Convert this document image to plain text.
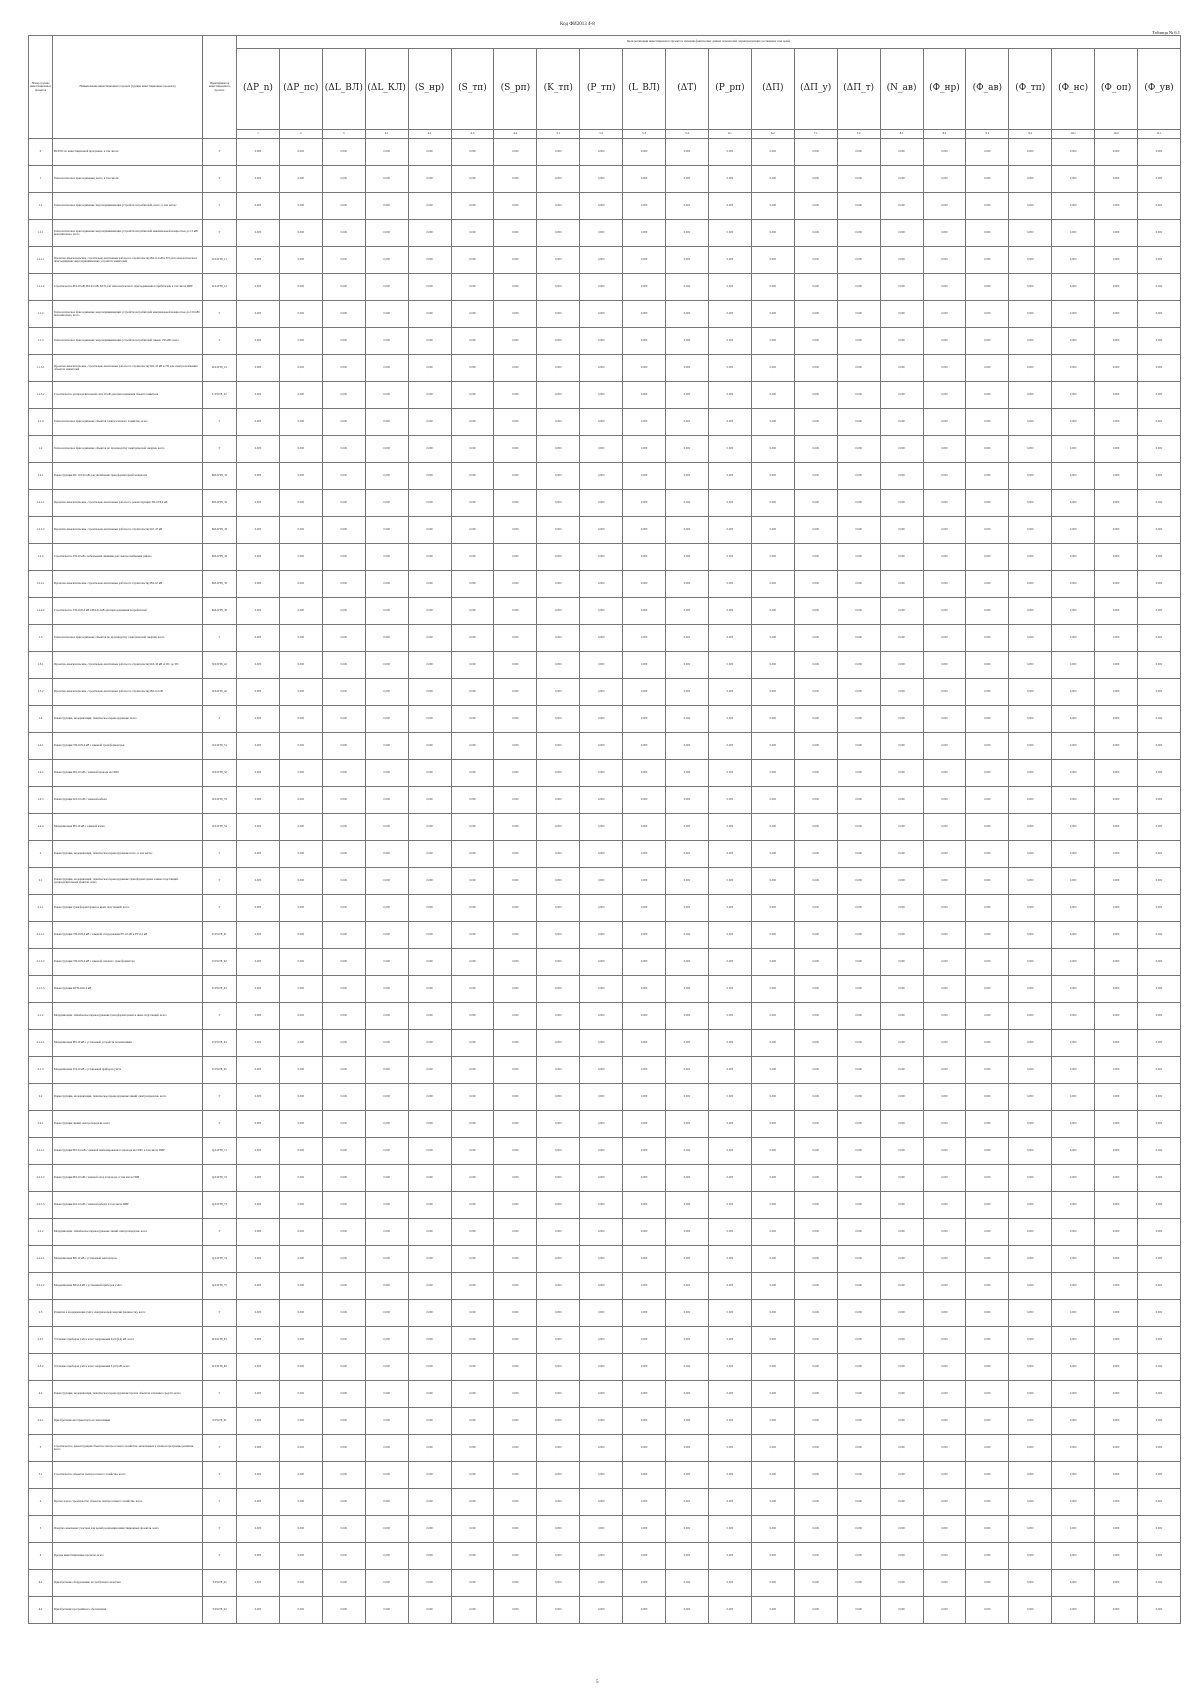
Код ФИ2013 4-8
Таблица № 6.1
Номер группы инвестиционных проектов	Наименование инвестиционного проекта (группы инвестиционных проектов)	Идентификатор инвестиционного проекта	Цели реализации инвестиционного проекта и значения фактических данных показателей, характеризующих достижение этих целей																					
			(ΔP_n)	(ΔP_пс)	(ΔL_ВЛ)	(ΔL_КЛ)	(S_нр)	(S_тп)	(S_рп)	(K_тп)	(P_тп)	(L_ВЛ)	(ΔT)	(P_рп)	(ΔП)	(ΔП_у)	(ΔП_т)	(N_ав)	(Ф_нр)	(Ф_ав)	(Ф_тп)	(Ф_нс)	(Ф_оп)	(Ф_ув)
			1	2	3	4.1	4.2	4.3	4.4	5.1	5.2	5.3	5.4	6.1	6.2	7.1	7.2	8.1	8.2	9.1	9.2	10.1	10.2	11.1
0	ВСЕГО по инвестиционной программе, в том числе:	Г	0,000	0,000	0,000	0,000	0,000	0,000	0,000	0,000	0,000	0,000	0,000	0,000	0,000	0,000	0,000	0,000	0,000	0,000	0,000	0,000	0,000	0,000
1	Технологическое присоединение, всего, в том числе:	Г	0,000	0,000	0,000	0,000	0,000	0,000	0,000	0,000	0,000	0,000	0,000	0,000	0,000	0,000	0,000	0,000	0,000	0,000	0,000	0,000	0,000	0,000
1.1	Технологическое присоединение энергопринимающих устройств потребителей, всего, в том числе:	Г	0,000	0,000	0,000	0,000	0,000	0,000	0,000	0,000	0,000	0,000	0,000	0,000	0,000	0,000	0,000	0,000	0,000	0,000	0,000	0,000	0,000	0,000
1.1.1	Технологическое присоединение энергопринимающих устройств потребителей максимальной мощностью до 15 кВт включительно, всего	Г	0,000	0,000	0,000	0,000	0,000	0,000	0,000	0,000	0,000	0,000	0,000	0,000	0,000	0,000	0,000	0,000	0,000	0,000	0,000	0,000	0,000	0,000
1.1.1.1	Проектно-изыскательские, строительно-монтажные работы по строительству ВЛ-0,4 кВ и ТП для технологического присоединения энергопринимающих устройств заявителей	K/LWT8_11	0,000	0,000	0,000	0,000	0,000	0,000	0,000	0,000	0,000	0,000	0,000	0,000	0,000	0,000	0,000	0,000	0,000	0,000	0,000	0,000	0,000	0,000
1.1.1.2	Строительство ВЛ-10 кВ, ВЛ-0,4 кВ, КТП для технологического присоединения потребителей, в том числе ПИР	K/LWT8_12	0,000	0,000	0,000	0,000	0,000	0,000	0,000	0,000	0,000	0,000	0,000	0,000	0,000	0,000	0,000	0,000	0,000	0,000	0,000	0,000	0,000	0,000
1.1.2	Технологическое присоединение энергопринимающих устройств потребителей максимальной мощностью до 150 кВт включительно, всего	Г	0,000	0,000	0,000	0,000	0,000	0,000	0,000	0,000	0,000	0,000	0,000	0,000	0,000	0,000	0,000	0,000	0,000	0,000	0,000	0,000	0,000	0,000
1.1.3	Технологическое присоединение энергопринимающих устройств потребителей свыше 150 кВт, всего	Г	0,000	0,000	0,000	0,000	0,000	0,000	0,000	0,000	0,000	0,000	0,000	0,000	0,000	0,000	0,000	0,000	0,000	0,000	0,000	0,000	0,000	0,000
1.1.3.1	Проектно-изыскательские, строительно-монтажные работы по строительству КЛ-10 кВ и ТП для электроснабжения объектов заявителей	K/LWT8_21	0,000	0,000	0,000	0,000	0,000	0,000	0,000	0,000	0,000	0,000	0,000	0,000	0,000	0,000	0,000	0,000	0,000	0,000	0,000	0,000	0,000	0,000
1.1.3.2	Строительство распределительной сети 10 кВ для присоединения объекта заявителя	L/LWT8_22	0,000	0,000	0,000	0,000	0,000	0,000	0,000	0,000	0,000	0,000	0,000	0,000	0,000	0,000	0,000	0,000	0,000	0,000	0,000	0,000	0,000	0,000
1.1.4	Технологическое присоединение объектов электросетевого хозяйства, всего	Г	0,000	0,000	0,000	0,000	0,000	0,000	0,000	0,000	0,000	0,000	0,000	0,000	0,000	0,000	0,000	0,000	0,000	0,000	0,000	0,000	0,000	0,000
1.2	Технологическое присоединение объектов по производству электрической энергии, всего	Г	0,000	0,000	0,000	0,000	0,000	0,000	0,000	0,000	0,000	0,000	0,000	0,000	0,000	0,000	0,000	0,000	0,000	0,000	0,000	0,000	0,000	0,000
1.2.1	Реконструкция ПС 110/10 кВ для увеличения трансформаторной мощности	M/LWT8_31	0,000	0,000	0,000	0,000	0,000	0,000	0,000	0,000	0,000	0,000	0,000	0,000	0,000	0,000	0,000	0,000	0,000	0,000	0,000	0,000	0,000	0,000
1.2.1.1	Проектно-изыскательские, строительно-монтажные работы по реконструкции ТП-10/0,4 кВ	M/LWT8_32	0,000	0,000	0,000	0,000	0,000	0,000	0,000	0,000	0,000	0,000	0,000	0,000	0,000	0,000	0,000	0,000	0,000	0,000	0,000	0,000	0,000	0,000
1.2.1.2	Проектно-изыскательские, строительно-монтажные работы по строительству КЛ-10 кВ	M/LWT8_33	0,000	0,000	0,000	0,000	0,000	0,000	0,000	0,000	0,000	0,000	0,000	0,000	0,000	0,000	0,000	0,000	0,000	0,000	0,000	0,000	0,000	0,000
1.2.2	Строительство РП-10 кВ с кабельными линиями для электроснабжения района	M/LWT8_34	0,000	0,000	0,000	0,000	0,000	0,000	0,000	0,000	0,000	0,000	0,000	0,000	0,000	0,000	0,000	0,000	0,000	0,000	0,000	0,000	0,000	0,000
1.2.2.1	Проектно-изыскательские, строительно-монтажные работы по строительству ВЛ-10 кВ	M/LWT8_35	0,000	0,000	0,000	0,000	0,000	0,000	0,000	0,000	0,000	0,000	0,000	0,000	0,000	0,000	0,000	0,000	0,000	0,000	0,000	0,000	0,000	0,000
1.2.2.2	Строительство ТП-10/0,4 кВ и ВЛ-0,4 кВ для присоединения потребителей	M/LWT8_36	0,000	0,000	0,000	0,000	0,000	0,000	0,000	0,000	0,000	0,000	0,000	0,000	0,000	0,000	0,000	0,000	0,000	0,000	0,000	0,000	0,000	0,000
1.3	Технологическое присоединение объектов по производству электрической энергии, всего	Г	0,000	0,000	0,000	0,000	0,000	0,000	0,000	0,000	0,000	0,000	0,000	0,000	0,000	0,000	0,000	0,000	0,000	0,000	0,000	0,000	0,000	0,000
1.3.1	Проектно-изыскательские, строительно-монтажные работы по строительству КЛ-10 кВ от ПС до ТП	N/LWT8_41	0,000	0,000	0,000	0,000	0,000	0,000	0,000	0,000	0,000	0,000	0,000	0,000	0,000	0,000	0,000	0,000	0,000	0,000	0,000	0,000	0,000	0,000
1.3.2	Проектно-изыскательские, строительно-монтажные работы по строительству ВЛ-0,4 кВ	N/LWT8_42	0,000	0,000	0,000	0,000	0,000	0,000	0,000	0,000	0,000	0,000	0,000	0,000	0,000	0,000	0,000	0,000	0,000	0,000	0,000	0,000	0,000	0,000
1.4	Реконструкция, модернизация, техническое перевооружение, всего	Г	0,000	0,000	0,000	0,000	0,000	0,000	0,000	0,000	0,000	0,000	0,000	0,000	0,000	0,000	0,000	0,000	0,000	0,000	0,000	0,000	0,000	0,000
1.4.1	Реконструкция ТП-10/0,4 кВ с заменой трансформаторов	O/LWT8_51	0,000	0,000	0,000	0,000	0,000	0,000	0,000	0,000	0,000	0,000	0,000	0,000	0,000	0,000	0,000	0,000	0,000	0,000	0,000	0,000	0,000	0,000
1.4.2	Реконструкция ВЛ-10 кВ с заменой провода на СИП	O/LWT8_52	0,000	0,000	0,000	0,000	0,000	0,000	0,000	0,000	0,000	0,000	0,000	0,000	0,000	0,000	0,000	0,000	0,000	0,000	0,000	0,000	0,000	0,000
1.4.3	Реконструкция КЛ-10 кВ с заменой кабеля	O/LWT8_53	0,000	0,000	0,000	0,000	0,000	0,000	0,000	0,000	0,000	0,000	0,000	0,000	0,000	0,000	0,000	0,000	0,000	0,000	0,000	0,000	0,000	0,000
1.4.4	Модернизация РП-10 кВ с заменой ячеек	O/LWT8_54	0,000	0,000	0,000	0,000	0,000	0,000	0,000	0,000	0,000	0,000	0,000	0,000	0,000	0,000	0,000	0,000	0,000	0,000	0,000	0,000	0,000	0,000
2	Реконструкция, модернизация, техническое перевооружение всего, в том числе:	Г	0,000	0,000	0,000	0,000	0,000	0,000	0,000	0,000	0,000	0,000	0,000	0,000	0,000	0,000	0,000	0,000	0,000	0,000	0,000	0,000	0,000	0,000
2.1	Реконструкция, модернизация, техническое перевооружение трансформаторных и иных подстанций, распределительных пунктов, всего	Г	0,000	0,000	0,000	0,000	0,000	0,000	0,000	0,000	0,000	0,000	0,000	0,000	0,000	0,000	0,000	0,000	0,000	0,000	0,000	0,000	0,000	0,000
2.1.1	Реконструкция трансформаторных и иных подстанций, всего	Г	0,000	0,000	0,000	0,000	0,000	0,000	0,000	0,000	0,000	0,000	0,000	0,000	0,000	0,000	0,000	0,000	0,000	0,000	0,000	0,000	0,000	0,000
2.1.1.1	Реконструкция ТП-10/0,4 кВ с заменой оборудования РУ-10 кВ и РУ-0,4 кВ	P/LWT8_61	0,000	0,000	0,000	0,000	0,000	0,000	0,000	0,000	0,000	0,000	0,000	0,000	0,000	0,000	0,000	0,000	0,000	0,000	0,000	0,000	0,000	0,000
2.1.1.2	Реконструкция ТП-10/0,4 кВ с заменой силового трансформатора	P/LWT8_62	0,000	0,000	0,000	0,000	0,000	0,000	0,000	0,000	0,000	0,000	0,000	0,000	0,000	0,000	0,000	0,000	0,000	0,000	0,000	0,000	0,000	0,000
2.1.1.3	Реконструкция КТП-10/0,4 кВ	P/LWT8_63	0,000	0,000	0,000	0,000	0,000	0,000	0,000	0,000	0,000	0,000	0,000	0,000	0,000	0,000	0,000	0,000	0,000	0,000	0,000	0,000	0,000	0,000
2.1.2	Модернизация, техническое перевооружение трансформаторных и иных подстанций, всего	Г	0,000	0,000	0,000	0,000	0,000	0,000	0,000	0,000	0,000	0,000	0,000	0,000	0,000	0,000	0,000	0,000	0,000	0,000	0,000	0,000	0,000	0,000
2.1.2.1	Модернизация РП-10 кВ с установкой устройств телемеханики	P/LWT8_64	0,000	0,000	0,000	0,000	0,000	0,000	0,000	0,000	0,000	0,000	0,000	0,000	0,000	0,000	0,000	0,000	0,000	0,000	0,000	0,000	0,000	0,000
2.1.3	Модернизация ТП-10 кВ с установкой приборов учёта	P/LWT8_65	0,000	0,000	0,000	0,000	0,000	0,000	0,000	0,000	0,000	0,000	0,000	0,000	0,000	0,000	0,000	0,000	0,000	0,000	0,000	0,000	0,000	0,000
2.2	Реконструкция, модернизация, техническое перевооружение линий электропередачи, всего	Г	0,000	0,000	0,000	0,000	0,000	0,000	0,000	0,000	0,000	0,000	0,000	0,000	0,000	0,000	0,000	0,000	0,000	0,000	0,000	0,000	0,000	0,000
2.2.1	Реконструкция линий электропередачи, всего	Г	0,000	0,000	0,000	0,000	0,000	0,000	0,000	0,000	0,000	0,000	0,000	0,000	0,000	0,000	0,000	0,000	0,000	0,000	0,000	0,000	0,000	0,000
2.2.1.1	Реконструкция ВЛ-0,4 кВ с заменой неизолированного провода на СИП, в том числе ПИР	Q/LWT8_71	0,000	0,000	0,000	0,000	0,000	0,000	0,000	0,000	0,000	0,000	0,000	0,000	0,000	0,000	0,000	0,000	0,000	0,000	0,000	0,000	0,000	0,000
2.2.1.2	Реконструкция ВЛ-10 кВ с заменой опор и провода, в том числе ПИР	Q/LWT8_72	0,000	0,000	0,000	0,000	0,000	0,000	0,000	0,000	0,000	0,000	0,000	0,000	0,000	0,000	0,000	0,000	0,000	0,000	0,000	0,000	0,000	0,000
2.2.1.3	Реконструкция КЛ-10 кВ с заменой кабеля, в том числе ПИР	Q/LWT8_73	0,000	0,000	0,000	0,000	0,000	0,000	0,000	0,000	0,000	0,000	0,000	0,000	0,000	0,000	0,000	0,000	0,000	0,000	0,000	0,000	0,000	0,000
2.2.2	Модернизация, техническое перевооружение линий электропередачи, всего	Г	0,000	0,000	0,000	0,000	0,000	0,000	0,000	0,000	0,000	0,000	0,000	0,000	0,000	0,000	0,000	0,000	0,000	0,000	0,000	0,000	0,000	0,000
2.2.2.1	Модернизация ВЛ-10 кВ с установкой реклоузеров	Q/LWT8_74	0,000	0,000	0,000	0,000	0,000	0,000	0,000	0,000	0,000	0,000	0,000	0,000	0,000	0,000	0,000	0,000	0,000	0,000	0,000	0,000	0,000	0,000
2.2.2.2	Модернизация ВЛ-0,4 кВ с установкой приборов учёта	Q/LWT8_75	0,000	0,000	0,000	0,000	0,000	0,000	0,000	0,000	0,000	0,000	0,000	0,000	0,000	0,000	0,000	0,000	0,000	0,000	0,000	0,000	0,000	0,000
2.3	Развитие и модернизация учёта электрической энергии (мощности), всего	Г	0,000	0,000	0,000	0,000	0,000	0,000	0,000	0,000	0,000	0,000	0,000	0,000	0,000	0,000	0,000	0,000	0,000	0,000	0,000	0,000	0,000	0,000
2.3.1	Установка приборов учёта, класс напряжения 0,22 (0,4) кВ, всего	R/LWT8_81	0,000	0,000	0,000	0,000	0,000	0,000	0,000	0,000	0,000	0,000	0,000	0,000	0,000	0,000	0,000	0,000	0,000	0,000	0,000	0,000	0,000	0,000
2.3.2	Установка приборов учёта, класс напряжения 6 (10) кВ, всего	R/LWT8_82	0,000	0,000	0,000	0,000	0,000	0,000	0,000	0,000	0,000	0,000	0,000	0,000	0,000	0,000	0,000	0,000	0,000	0,000	0,000	0,000	0,000	0,000
2.4	Реконструкция, модернизация, техническое перевооружение прочих объектов основных средств, всего	Г	0,000	0,000	0,000	0,000	0,000	0,000	0,000	0,000	0,000	0,000	0,000	0,000	0,000	0,000	0,000	0,000	0,000	0,000	0,000	0,000	0,000	0,000
2.4.1	Приобретение автотранспорта и спецтехники	S/LWT8_91	0,000	0,000	0,000	0,000	0,000	0,000	0,000	0,000	0,000	0,000	0,000	0,000	0,000	0,000	0,000	0,000	0,000	0,000	0,000	0,000	0,000	0,000
3	Строительство, реконструкция объектов электросетевого хозяйства, включенных в схемы и программы развития, всего	Г	0,000	0,000	0,000	0,000	0,000	0,000	0,000	0,000	0,000	0,000	0,000	0,000	0,000	0,000	0,000	0,000	0,000	0,000	0,000	0,000	0,000	0,000
3.1	Строительство объектов электросетевого хозяйства, всего	Г	0,000	0,000	0,000	0,000	0,000	0,000	0,000	0,000	0,000	0,000	0,000	0,000	0,000	0,000	0,000	0,000	0,000	0,000	0,000	0,000	0,000	0,000
4	Прочее новое строительство объектов электросетевого хозяйства, всего	Г	0,000	0,000	0,000	0,000	0,000	0,000	0,000	0,000	0,000	0,000	0,000	0,000	0,000	0,000	0,000	0,000	0,000	0,000	0,000	0,000	0,000	0,000
5	Покупка земельных участков для целей реализации инвестиционных проектов, всего	Г	0,000	0,000	0,000	0,000	0,000	0,000	0,000	0,000	0,000	0,000	0,000	0,000	0,000	0,000	0,000	0,000	0,000	0,000	0,000	0,000	0,000	0,000
6	Прочие инвестиционные проекты, всего	Г	0,000	0,000	0,000	0,000	0,000	0,000	0,000	0,000	0,000	0,000	0,000	0,000	0,000	0,000	0,000	0,000	0,000	0,000	0,000	0,000	0,000	0,000
6.1	Приобретение оборудования, не требующего монтажа	T/LWT8_01	0,000	0,000	0,000	0,000	0,000	0,000	0,000	0,000	0,000	0,000	0,000	0,000	0,000	0,000	0,000	0,000	0,000	0,000	0,000	0,000	0,000	0,000
6.2	Приобретение программного обеспечения	T/LWT8_02	0,000	0,000	0,000	0,000	0,000	0,000	0,000	0,000	0,000	0,000	0,000	0,000	0,000	0,000	0,000	0,000	0,000	0,000	0,000	0,000	0,000	0,000
5
